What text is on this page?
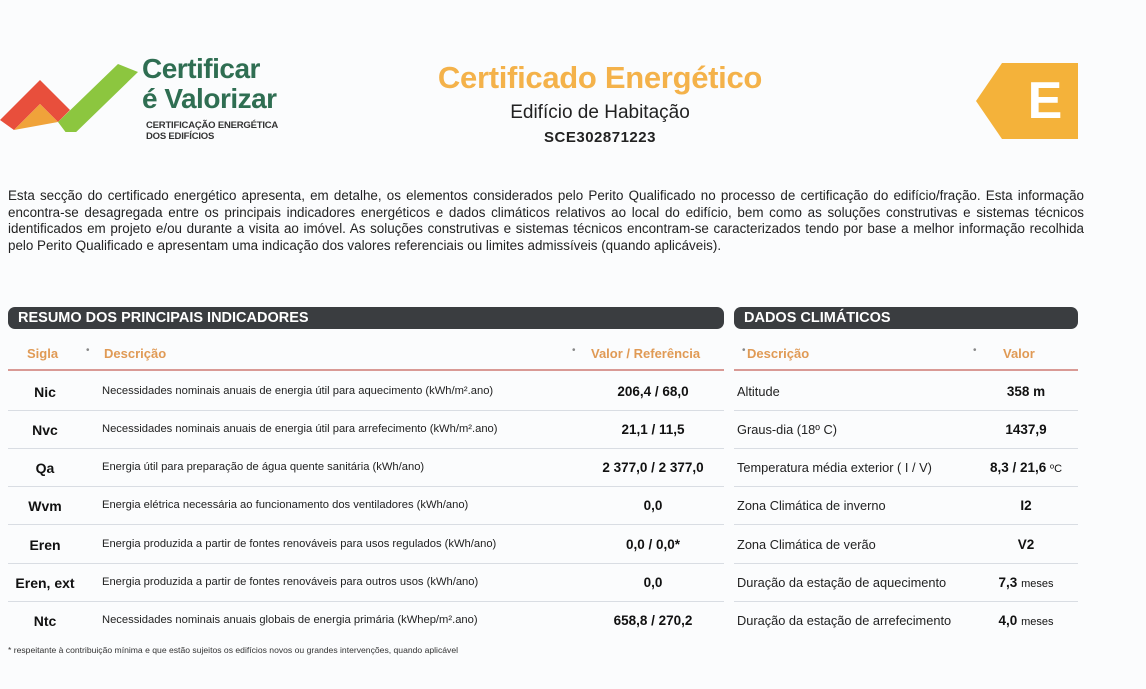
Certificar
é Valorizar
CERTIFICAÇÃO ENERGÉTICA
DOS EDIFÍCIOS
Certificado Energético
Edifício de Habitação
SCE302871223
E
Esta secção do certificado energético apresenta, em detalhe, os elementos considerados pelo Perito Qualificado no processo de certificação do edifício/fração. Esta informação encontra-se desagregada entre os principais indicadores energéticos e dados climáticos relativos ao local do edifício, bem como as soluções construtivas e sistemas técnicos identificados em projeto e/ou durante a visita ao imóvel. As soluções construtivas e sistemas técnicos encontram-se caracterizados tendo por base a melhor informação recolhida pelo Perito Qualificado e apresentam uma indicação dos valores referenciais ou limites admissíveis (quando aplicáveis).
RESUMO DOS PRINCIPAIS INDICADORES
Sigla	• Descrição	• Valor / Referência
Nic	Necessidades nominais anuais de energia útil para aquecimento (kWh/m².ano)	206,4 / 68,0
Nvc	Necessidades nominais anuais de energia útil para arrefecimento (kWh/m².ano)	21,1 / 11,5
Qa	Energia útil para preparação de água quente sanitária (kWh/ano)	2 377,0 / 2 377,0
Wvm	Energia elétrica necessária ao funcionamento dos ventiladores (kWh/ano)	0,0
Eren	Energia produzida a partir de fontes renováveis para usos regulados (kWh/ano)	0,0 / 0,0*
Eren, ext	Energia produzida a partir de fontes renováveis para outros usos (kWh/ano)	0,0
Ntc	Necessidades nominais anuais globais de energia primária (kWhep/m².ano)	658,8 / 270,2
* respeitante à contribuição mínima e que estão sujeitos os edifícios novos ou grandes intervenções, quando aplicável
DADOS CLIMÁTICOS
• Descrição	• Valor
Altitude	358 m
Graus-dia (18º C)	1437,9
Temperatura média exterior ( I / V)	8,3 / 21,6 ºC
Zona Climática de inverno	I2
Zona Climática de verão	V2
Duração da estação de aquecimento	7,3 meses
Duração da estação de arrefecimento	4,0 meses
